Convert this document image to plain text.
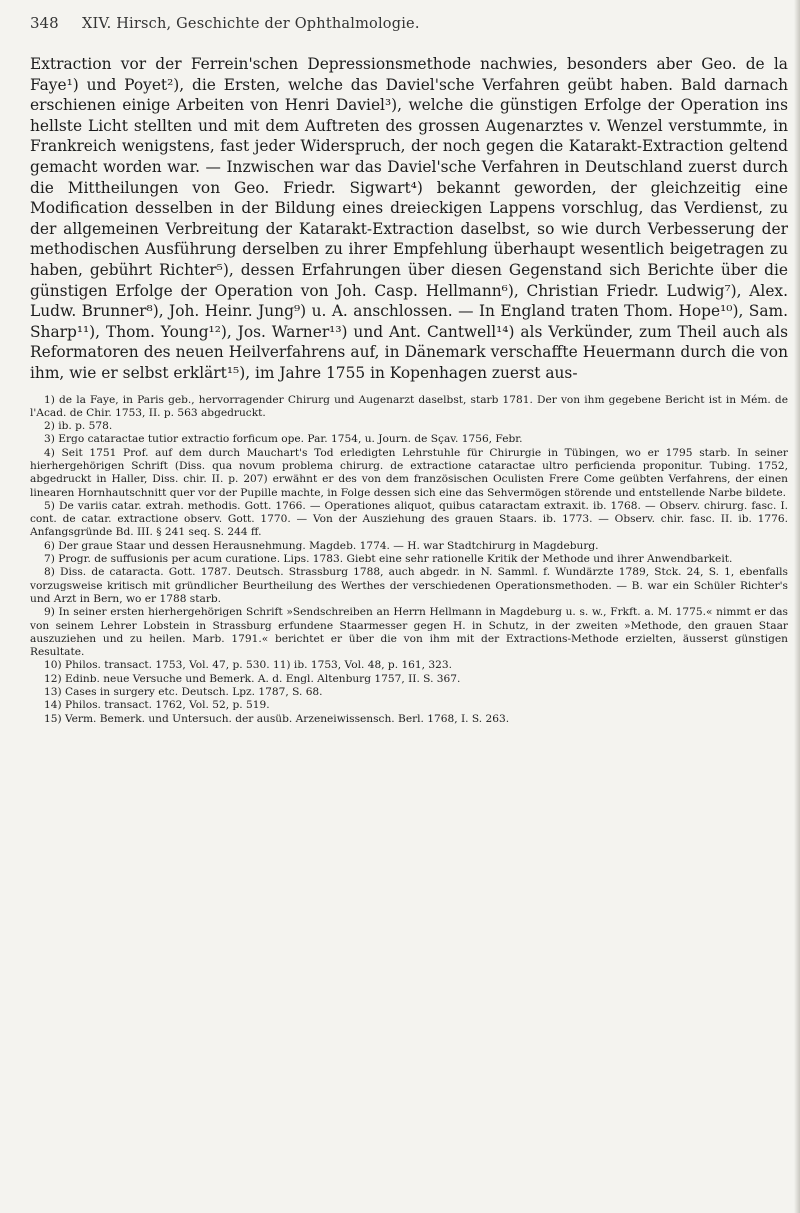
348	XIV. Hirsch, Geschichte der Ophthalmologie.

Extraction vor der Ferrein'schen Depressionsmethode nachwies, besonders aber Geo. de la Faye¹) und Poyet²), die Ersten, welche das Daviel'sche Verfahren geübt haben. Bald darnach erschienen einige Arbeiten von Henri Daviel³), welche die günstigen Erfolge der Operation ins hellste Licht stellten und mit dem Auftreten des grossen Augenarztes v. Wenzel verstummte, in Frankreich wenigstens, fast jeder Widerspruch, der noch gegen die Katarakt-Extraction geltend gemacht worden war. — Inzwischen war das Daviel'sche Verfahren in Deutschland zuerst durch die Mittheilungen von Geo. Friedr. Sigwart⁴) bekannt geworden, der gleichzeitig eine Modification desselben in der Bildung eines dreieckigen Lappens vorschlug, das Verdienst, zu der allgemeinen Verbreitung der Katarakt-Extraction daselbst, so wie durch Verbesserung der methodischen Ausführung derselben zu ihrer Empfehlung überhaupt wesentlich beigetragen zu haben, gebührt Richter⁵), dessen Erfahrungen über diesen Gegenstand sich Berichte über die günstigen Erfolge der Operation von Joh. Casp. Hellmann⁶), Christian Friedr. Ludwig⁷), Alex. Ludw. Brunner⁸), Joh. Heinr. Jung⁹) u. A. anschlossen. — In England traten Thom. Hope¹⁰), Sam. Sharp¹¹), Thom. Young¹²), Jos. Warner¹³) und Ant. Cantwell¹⁴) als Verkünder, zum Theil auch als Reformatoren des neuen Heilverfahrens auf, in Dänemark verschaffte Heuermann durch die von ihm, wie er selbst erklärt¹⁵), im Jahre 1755 in Kopenhagen zuerst aus-

1) de la Faye, in Paris geb., hervorragender Chirurg und Augenarzt daselbst, starb 1781. Der von ihm gegebene Bericht ist in Mém. de l'Acad. de Chir. 1753, II. p. 563 abgedruckt.

2) ib. p. 578.

3) Ergo cataractae tutior extractio forficum ope. Par. 1754, u. Journ. de Sçav. 1756, Febr.

4) Seit 1751 Prof. auf dem durch Mauchart's Tod erledigten Lehrstuhle für Chirurgie in Tübingen, wo er 1795 starb. In seiner hierhergehörigen Schrift (Diss. qua novum problema chirurg. de extractione cataractae ultro perficienda proponitur. Tubing. 1752, abgedruckt in Haller, Diss. chir. II. p. 207) erwähnt er des von dem französischen Oculisten Frere Come geübten Verfahrens, der einen linearen Hornhautschnitt quer vor der Pupille machte, in Folge dessen sich eine das Sehvermögen störende und entstellende Narbe bildete.

5) De variis catar. extrah. methodis. Gott. 1766. — Operationes aliquot, quibus cataractam extraxit. ib. 1768. — Observ. chirurg. fasc. I. cont. de catar. extractione observ. Gott. 1770. — Von der Ausziehung des grauen Staars. ib. 1773. — Observ. chir. fasc. II. ib. 1776. Anfangsgründe Bd. III. § 241 seq. S. 244 ff.

6) Der graue Staar und dessen Herausnehmung. Magdeb. 1774. — H. war Stadtchirurg in Magdeburg.

7) Progr. de suffusionis per acum curatione. Lips. 1783. Giebt eine sehr rationelle Kritik der Methode und ihrer Anwendbarkeit.

8) Diss. de cataracta. Gott. 1787. Deutsch. Strassburg 1788, auch abgedr. in N. Samml. f. Wundärzte 1789, Stck. 24, S. 1, ebenfalls vorzugsweise kritisch mit gründlicher Beurtheilung des Werthes der verschiedenen Operationsmethoden. — B. war ein Schüler Richter's und Arzt in Bern, wo er 1788 starb.

9) In seiner ersten hierhergehörigen Schrift »Sendschreiben an Herrn Hellmann in Magdeburg u. s. w., Frkft. a. M. 1775.« nimmt er das von seinem Lehrer Lobstein in Strassburg erfundene Staarmesser gegen H. in Schutz, in der zweiten »Methode, den grauen Staar auszuziehen und zu heilen. Marb. 1791.« berichtet er über die von ihm mit der Extractions-Methode erzielten, äusserst günstigen Resultate.

10) Philos. transact. 1753, Vol. 47, p. 530. 11) ib. 1753, Vol. 48, p. 161, 323.

12) Edinb. neue Versuche und Bemerk. A. d. Engl. Altenburg 1757, II. S. 367.

13) Cases in surgery etc. Deutsch. Lpz. 1787, S. 68.

14) Philos. transact. 1762, Vol. 52, p. 519.

15) Verm. Bemerk. und Untersuch. der ausüb. Arzeneiwissensch. Berl. 1768, I. S. 263.
